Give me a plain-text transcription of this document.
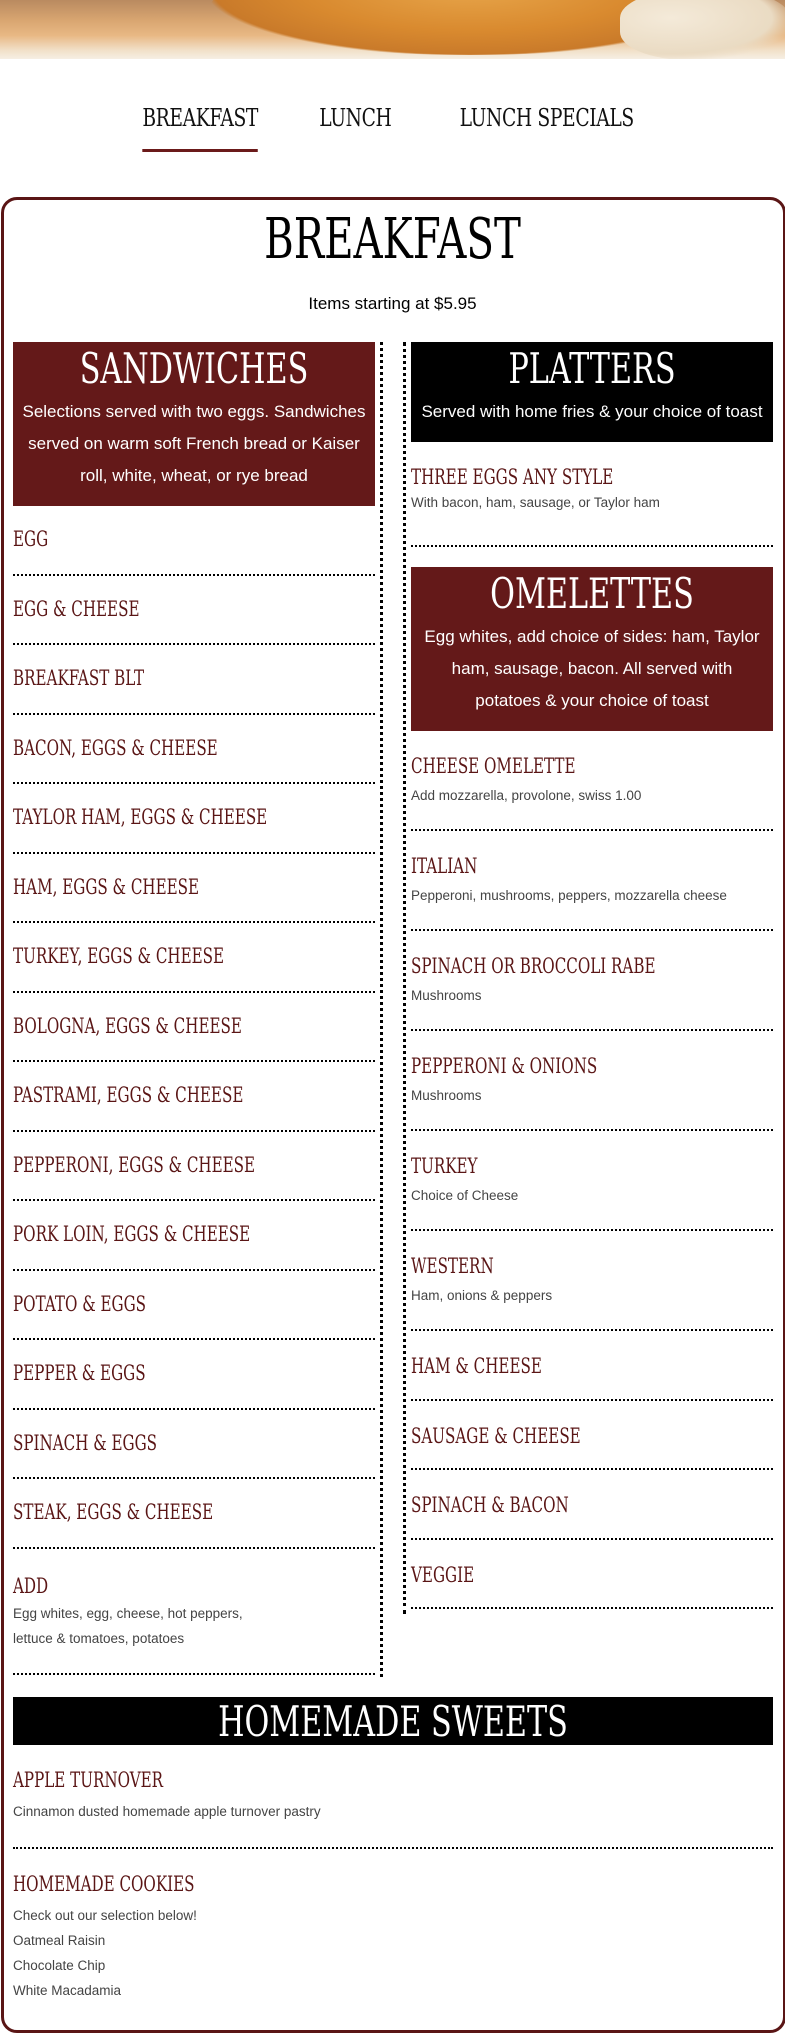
BREAKFAST	LUNCH	LUNCH SPECIALS
BREAKFAST
Items starting at $5.95
SANDWICHES
Selections served with two eggs. Sandwiches served on warm soft French bread or Kaiser roll, white, wheat, or rye bread
EGG
EGG & CHEESE
BREAKFAST BLT
BACON, EGGS & CHEESE
TAYLOR HAM, EGGS & CHEESE
HAM, EGGS & CHEESE
TURKEY, EGGS & CHEESE
BOLOGNA, EGGS & CHEESE
PASTRAMI, EGGS & CHEESE
PEPPERONI, EGGS & CHEESE
PORK LOIN, EGGS & CHEESE
POTATO & EGGS
PEPPER & EGGS
SPINACH & EGGS
STEAK, EGGS & CHEESE
ADD
Egg whites, egg, cheese, hot peppers,
lettuce & tomatoes, potatoes
PLATTERS
Served with home fries & your choice of toast
THREE EGGS ANY STYLE
With bacon, ham, sausage, or Taylor ham
OMELETTES
Egg whites, add choice of sides: ham, Taylor ham, sausage, bacon. All served with potatoes & your choice of toast
CHEESE OMELETTE
Add mozzarella, provolone, swiss 1.00
ITALIAN
Pepperoni, mushrooms, peppers, mozzarella cheese
SPINACH OR BROCCOLI RABE
Mushrooms
PEPPERONI & ONIONS
Mushrooms
TURKEY
Choice of Cheese
WESTERN
Ham, onions & peppers
HAM & CHEESE
SAUSAGE & CHEESE
SPINACH & BACON
VEGGIE
HOMEMADE SWEETS
APPLE TURNOVER
Cinnamon dusted homemade apple turnover pastry
HOMEMADE COOKIES
Check out our selection below!
Oatmeal Raisin
Chocolate Chip
White Macadamia
